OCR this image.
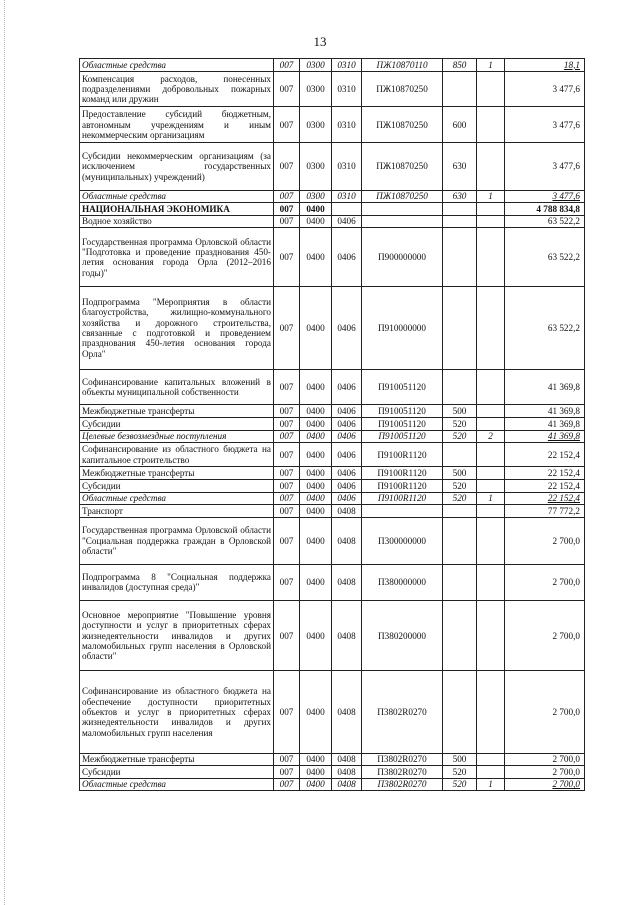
13
Областные средства	007	0300	0310	ПЖ10870110	850	1	18,1
Компенсация расходов, понесенных подразделениями добровольных пожарных команд или дружин	007	0300	0310	ПЖ10870250			3 477,6
Предоставление субсидий бюджетным, автономным учреждениям и иным некоммерческим организациям	007	0300	0310	ПЖ10870250	600		3 477,6
Субсидии некоммерческим организациям (за исключением государственных (муниципальных) учреждений)	007	0300	0310	ПЖ10870250	630		3 477,6
Областные средства	007	0300	0310	ПЖ10870250	630	1	3 477,6
НАЦИОНАЛЬНАЯ ЭКОНОМИКА	007	0400					4 788 834,8
Водное хозяйство	007	0400	0406				63 522,2
Государственная программа Орловской области "Подготовка и проведение празднования 450-летия основания города Орла (2012–2016 годы)"	007	0400	0406	П900000000			63 522,2
Подпрограмма "Мероприятия в области благоустройства, жилищно-коммунального хозяйства и дорожного строительства, связанные с подготовкой и проведением празднования 450-летия основания города Орла"	007	0400	0406	П910000000			63 522,2
Софинансирование капитальных вложений в объекты муниципальной собственности	007	0400	0406	П910051120			41 369,8
Межбюджетные трансферты	007	0400	0406	П910051120	500		41 369,8
Субсидии	007	0400	0406	П910051120	520		41 369,8
Целевые безвозмездные поступления	007	0400	0406	П910051120	520	2	41 369,8
Софинансирование из областного бюджета на капитальное строительство	007	0400	0406	П9100R1120			22 152,4
Межбюджетные трансферты	007	0400	0406	П9100R1120	500		22 152,4
Субсидии	007	0400	0406	П9100R1120	520		22 152,4
Областные средства	007	0400	0406	П9100R1120	520	1	22 152,4
Транспорт	007	0400	0408				77 772,2
Государственная программа Орловской области "Социальная поддержка граждан в Орловской области"	007	0400	0408	П300000000			2 700,0
Подпрограмма 8 "Социальная поддержка инвалидов (доступная среда)"	007	0400	0408	П380000000			2 700,0
Основное мероприятие "Повышение уровня доступности и услуг в приоритетных сферах жизнедеятельности инвалидов и других маломобильных групп населения в Орловской области"	007	0400	0408	П380200000			2 700,0
Софинансирование из областного бюджета на обеспечение доступности приоритетных объектов и услуг в приоритетных сферах жизнедеятельности инвалидов и других маломобильных групп населения	007	0400	0408	П3802R0270			2 700,0
Межбюджетные трансферты	007	0400	0408	П3802R0270	500		2 700,0
Субсидии	007	0400	0408	П3802R0270	520		2 700,0
Областные средства	007	0400	0408	П3802R0270	520	1	2 700,0
